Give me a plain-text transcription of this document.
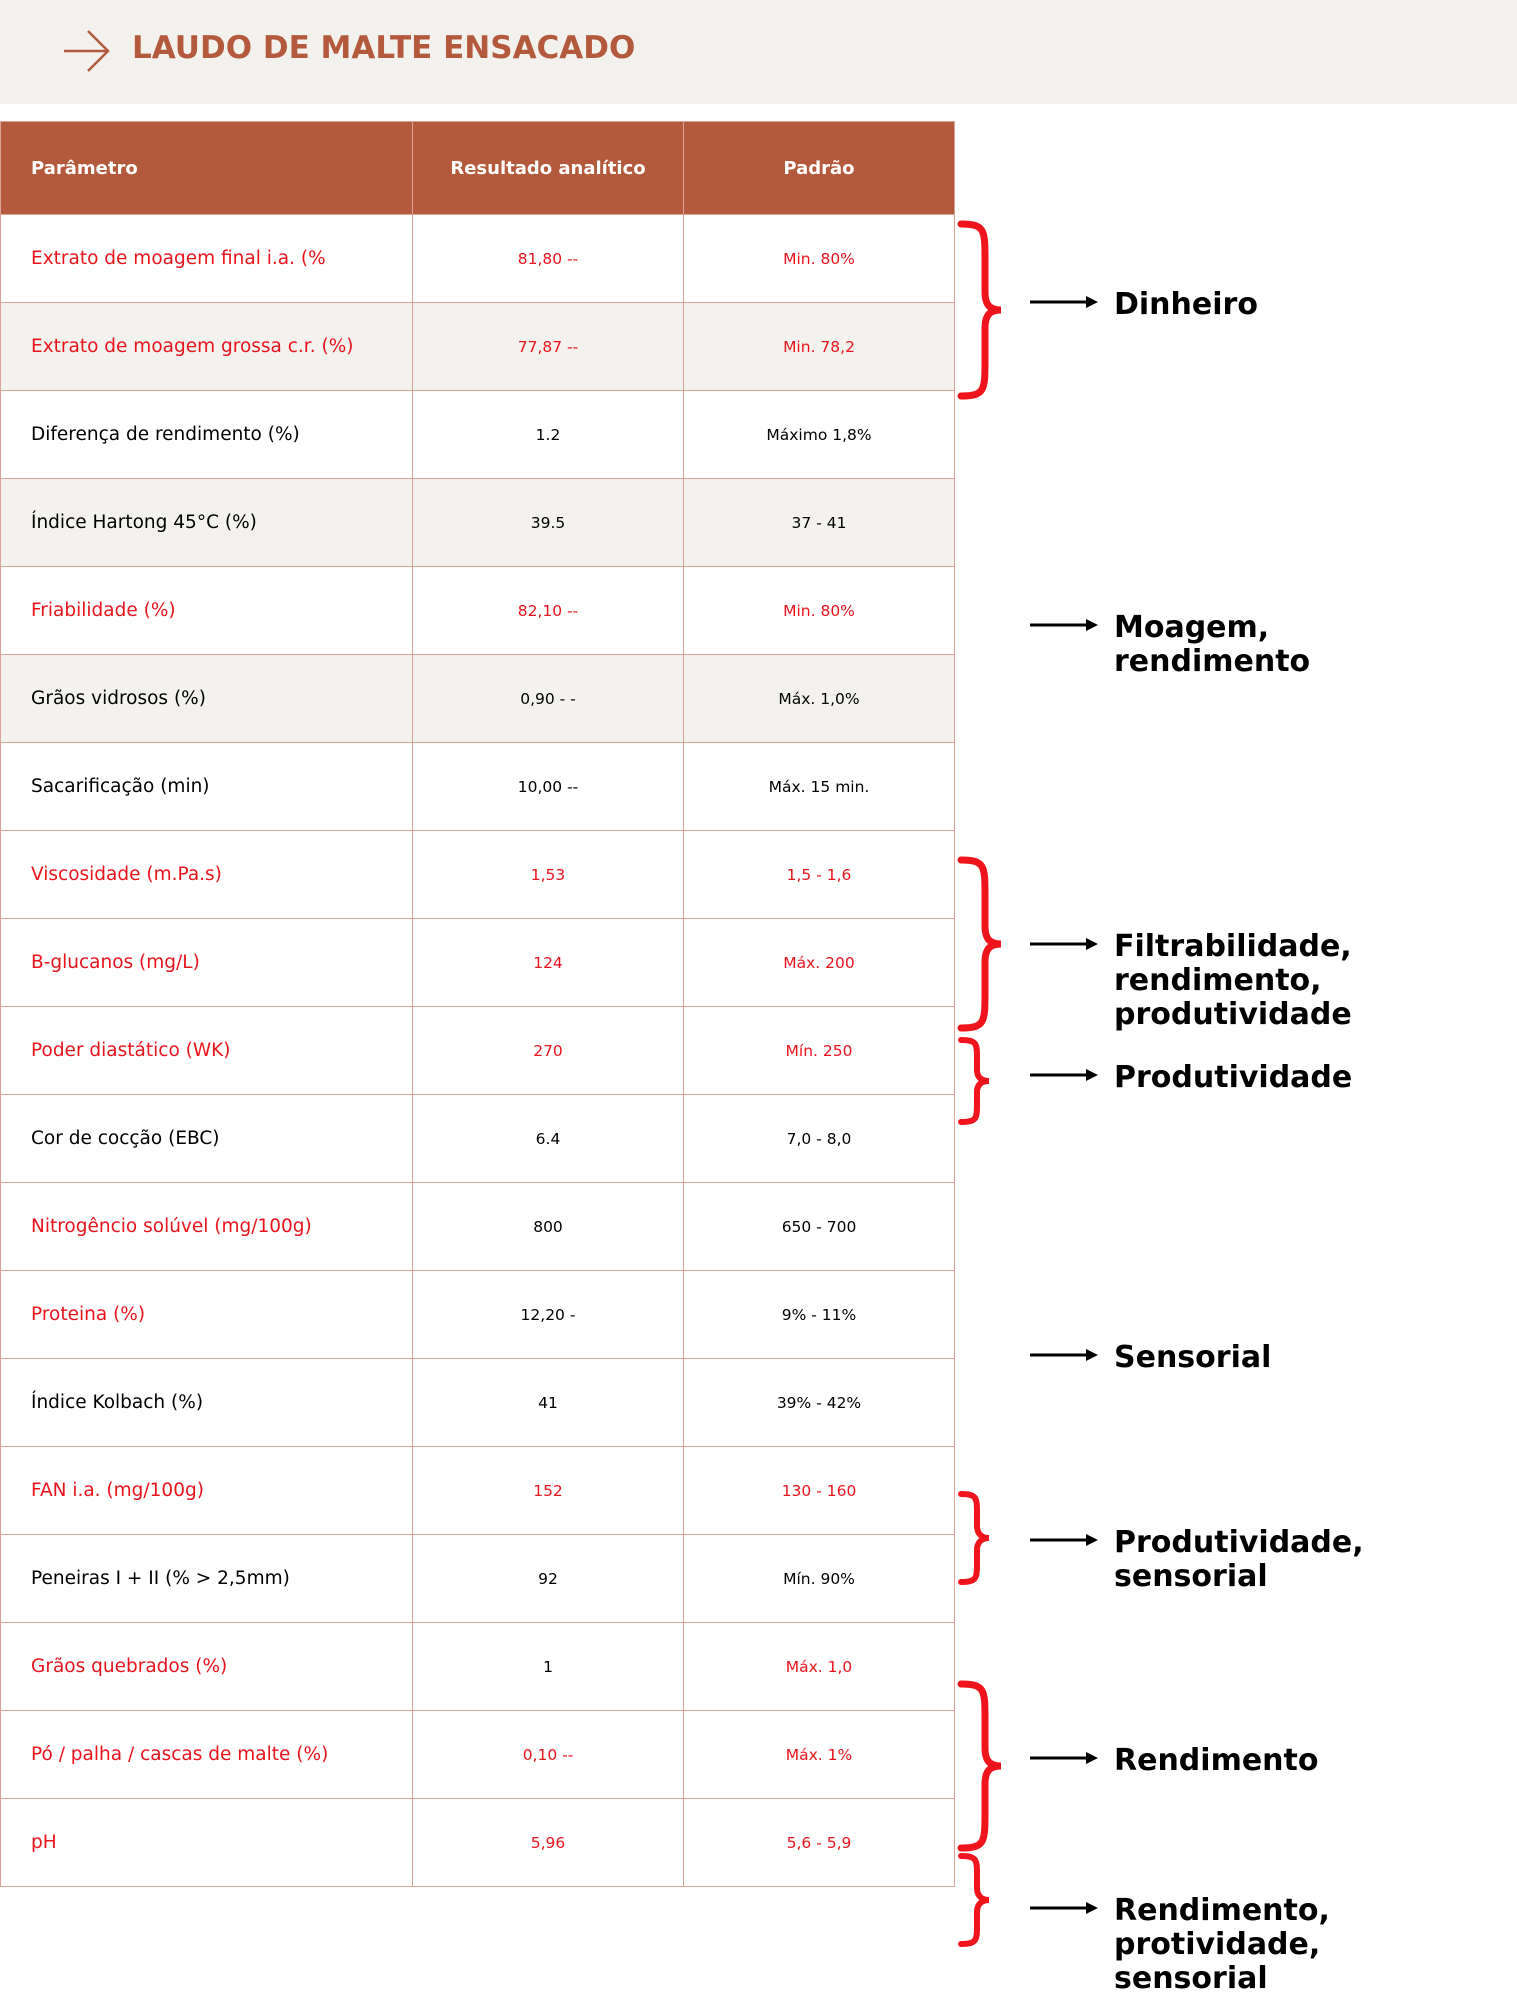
LAUDO DE MALTE ENSACADO
Parâmetro	Resultado analítico	Padrão
Extrato de moagem final i.a. (%	81,80 --	Min. 80%
Extrato de moagem grossa c.r. (%)	77,87 --	Min. 78,2
Diferença de rendimento (%)	1.2	Máximo 1,8%
Índice Hartong 45°C (%)	39.5	37 - 41
Friabilidade (%)	82,10 --	Min. 80%
Grãos vidrosos (%)	0,90 - -	Máx. 1,0%
Sacarificação (min)	10,00 --	Máx. 15 min.
Viscosidade (m.Pa.s)	1,53	1,5 - 1,6
B-glucanos (mg/L)	124	Máx. 200
Poder diastático (WK)	270	Mín. 250
Cor de cocção (EBC)	6.4	7,0 - 8,0
Nitrogêncio solúvel (mg/100g)	800	650 - 700
Proteina (%)	12,20 -	9% - 11%
Índice Kolbach (%)	41	39% - 42%
FAN i.a. (mg/100g)	152	130 - 160
Peneiras I + II (% > 2,5mm)	92	Mín. 90%
Grãos quebrados (%)	1	Máx. 1,0
Pó / palha / cascas de malte (%)	0,10 --	Máx. 1%
pH	5,96	5,6 - 5,9
Dinheiro
Moagem,
rendimento
Filtrabilidade,
rendimento,
produtividade
Produtividade
Sensorial
Produtividade,
sensorial
Rendimento
Rendimento,
protividade,
sensorial
